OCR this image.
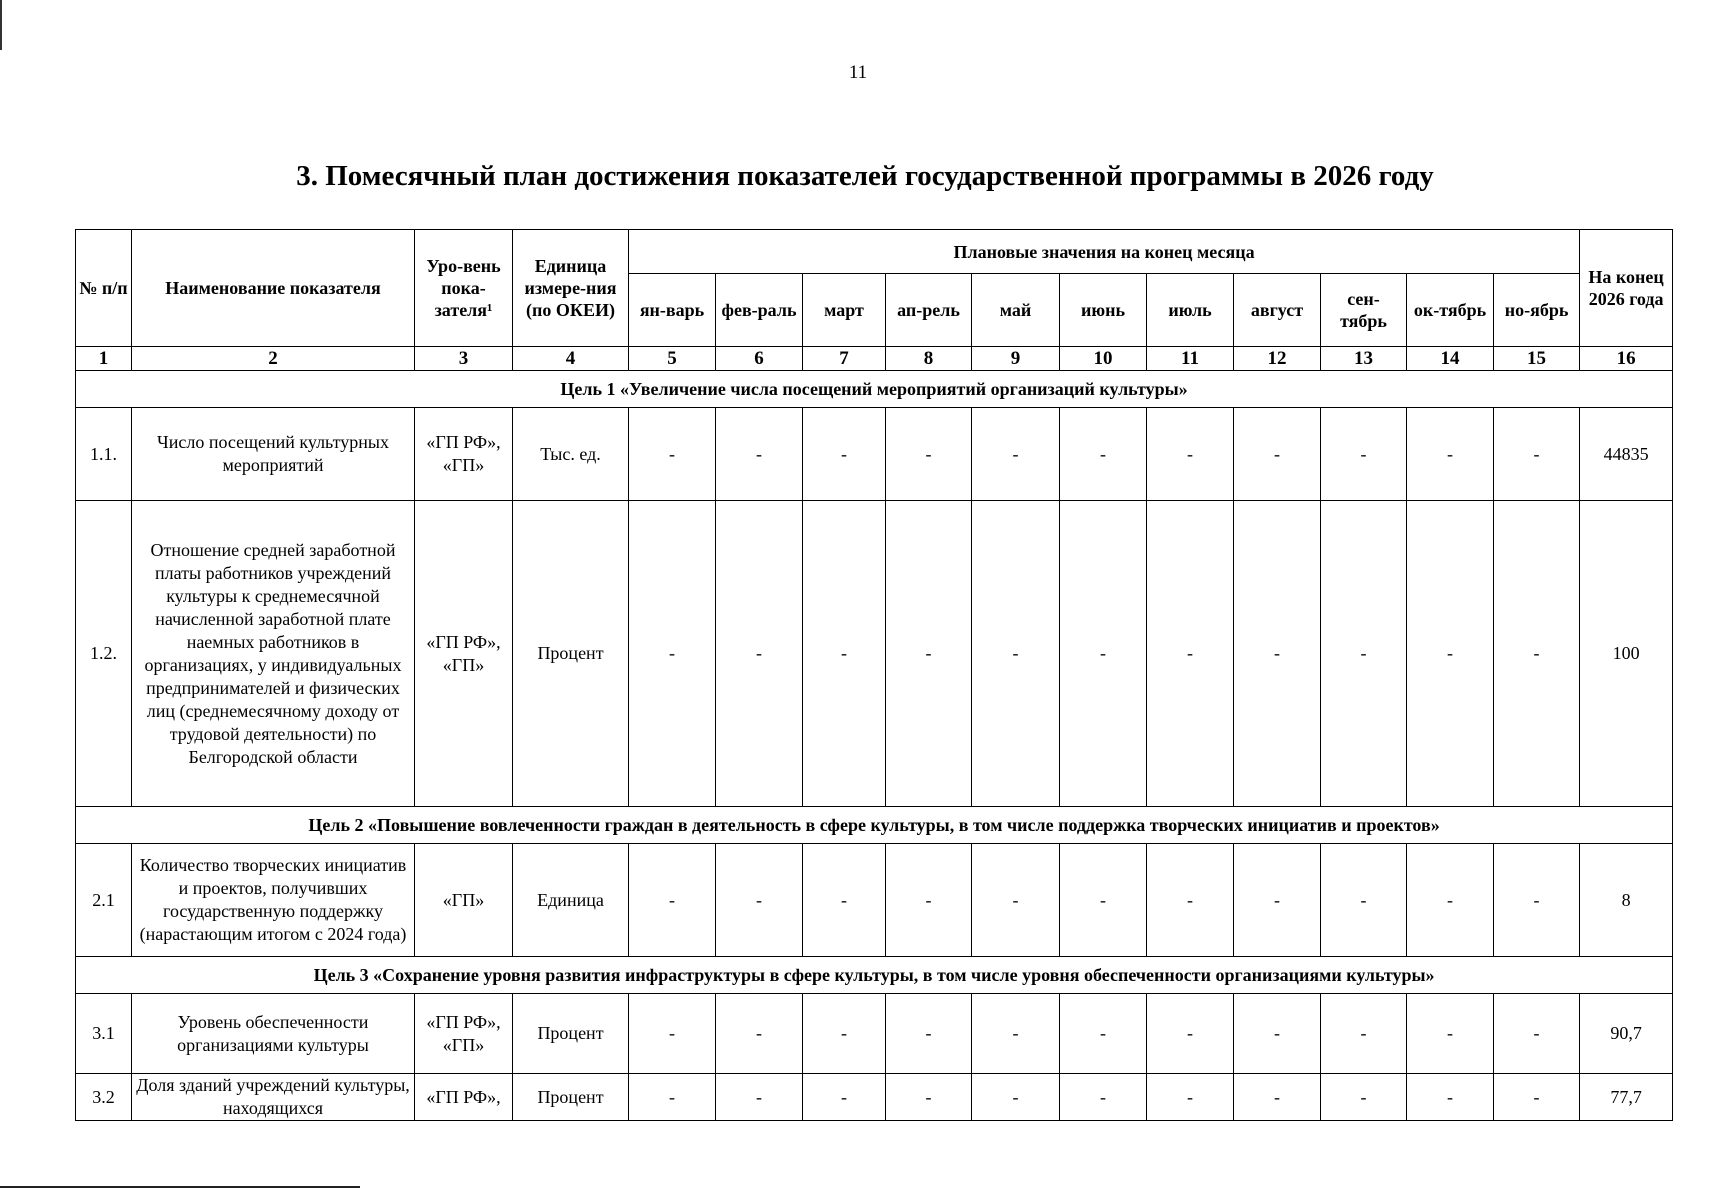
11
3. Помесячный план достижения показателей государственной программы в 2026 году
№ п/п	Наименование показателя	Уро-вень пока-зателя¹	Единица измере-ния (по ОКЕИ)	Плановые значения на конец месяца											На конец 2026 года
				ян-варь	фев-раль	март	ап-рель	май	июнь	июль	август	сен-тябрь	ок-тябрь	но-ябрь	
1	2	3	4	5	6	7	8	9	10	11	12	13	14	15	16
Цель 1 «Увеличение числа посещений мероприятий организаций культуры»															
1.1.	Число посещений культурных мероприятий	«ГП РФ», «ГП»	Тыс. ед.	-	-	-	-	-	-	-	-	-	-	-	44835
1.2.	Отношение средней заработной платы работников учреждений культуры к среднемесячной начисленной заработной плате наемных работников в организациях, у индивидуальных предпринимателей и физических лиц (среднемесячному доходу от трудовой деятельности) по Белгородской области	«ГП РФ», «ГП»	Процент	-	-	-	-	-	-	-	-	-	-	-	100
Цель 2 «Повышение вовлеченности граждан в деятельность в сфере культуры, в том числе поддержка творческих инициатив и проектов»															
2.1	Количество творческих инициатив и проектов, получивших государственную поддержку (нарастающим итогом с 2024 года)	«ГП»	Единица	-	-	-	-	-	-	-	-	-	-	-	8
Цель 3 «Сохранение уровня развития инфраструктуры в сфере культуры, в том числе уровня обеспеченности организациями культуры»															
3.1	Уровень обеспеченности организациями культуры	«ГП РФ», «ГП»	Процент	-	-	-	-	-	-	-	-	-	-	-	90,7
3.2	Доля зданий учреждений культуры, находящихся	«ГП РФ»,	Процент	-	-	-	-	-	-	-	-	-	-	-	77,7
